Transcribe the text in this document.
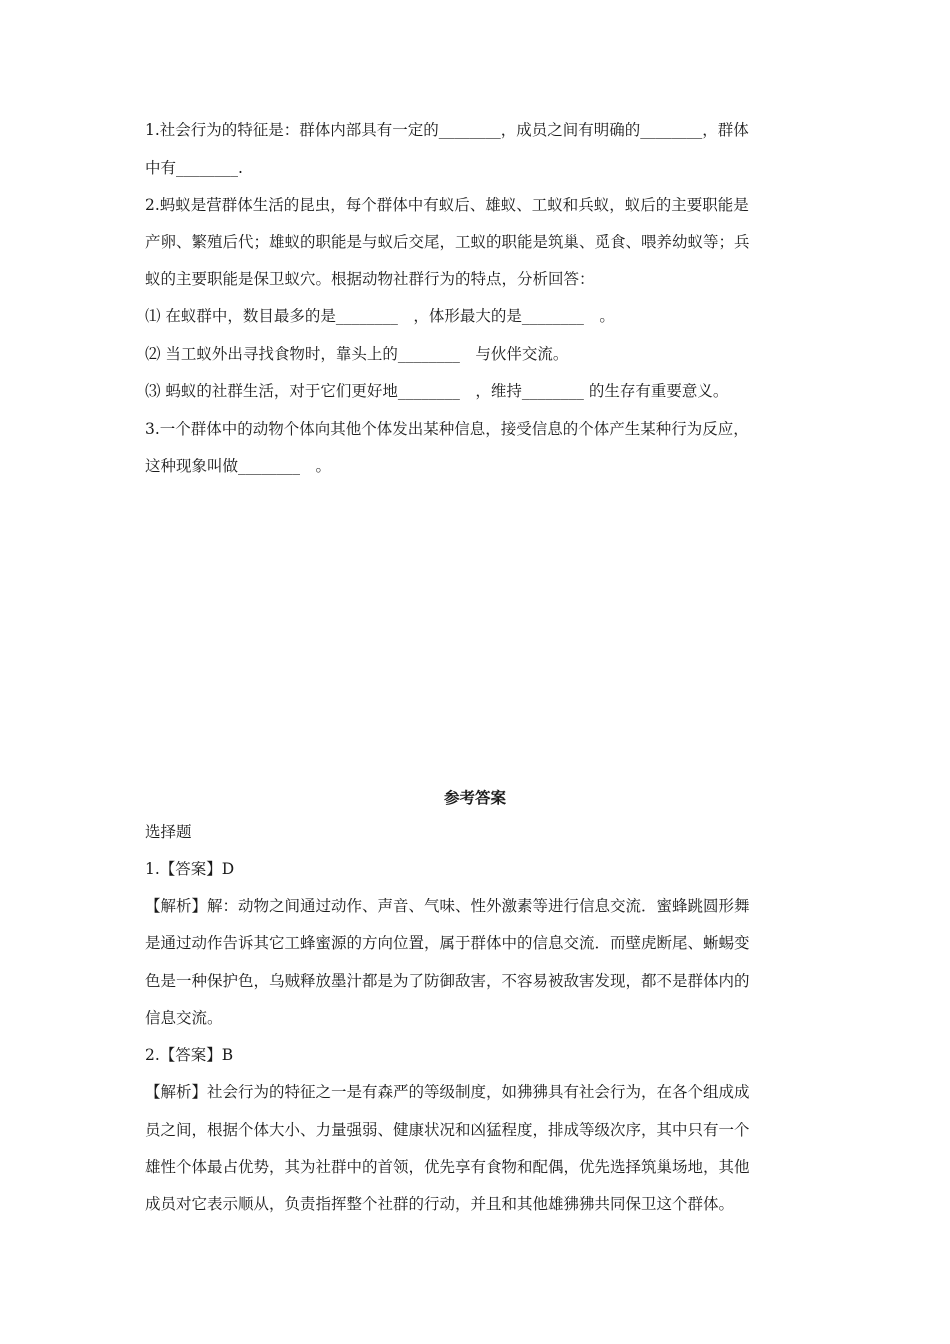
1.社会行为的特征是：群体内部具有一定的________，成员之间有明确的________，群体
中有________.
2.蚂蚁是营群体生活的昆虫，每个群体中有蚁后、雄蚁、工蚁和兵蚁，蚁后的主要职能是
产卵、繁殖后代；雄蚁的职能是与蚁后交尾，工蚁的职能是筑巢、觅食、喂养幼蚁等；兵
蚁的主要职能是保卫蚁穴。根据动物社群行为的特点，分析回答：
⑴ 在蚁群中，数目最多的是________　，体形最大的是________　。
⑵ 当工蚁外出寻找食物时，靠头上的________　与伙伴交流。
⑶ 蚂蚁的社群生活，对于它们更好地________　，维持________ 的生存有重要意义。
3.一个群体中的动物个体向其他个体发出某种信息，接受信息的个体产生某种行为反应，
这种现象叫做________　。
参考答案
选择题
1.【答案】D
【解析】解：动物之间通过动作、声音、气味、性外激素等进行信息交流．蜜蜂跳圆形舞
是通过动作告诉其它工蜂蜜源的方向位置，属于群体中的信息交流．而壁虎断尾、蜥蜴变
色是一种保护色，乌贼释放墨汁都是为了防御敌害，不容易被敌害发现，都不是群体内的
信息交流。
2.【答案】B
【解析】社会行为的特征之一是有森严的等级制度，如狒狒具有社会行为，在各个组成成
员之间，根据个体大小、力量强弱、健康状况和凶猛程度，排成等级次序，其中只有一个
雄性个体最占优势，其为社群中的首领，优先享有食物和配偶，优先选择筑巢场地，其他
成员对它表示顺从，负责指挥整个社群的行动，并且和其他雄狒狒共同保卫这个群体。
